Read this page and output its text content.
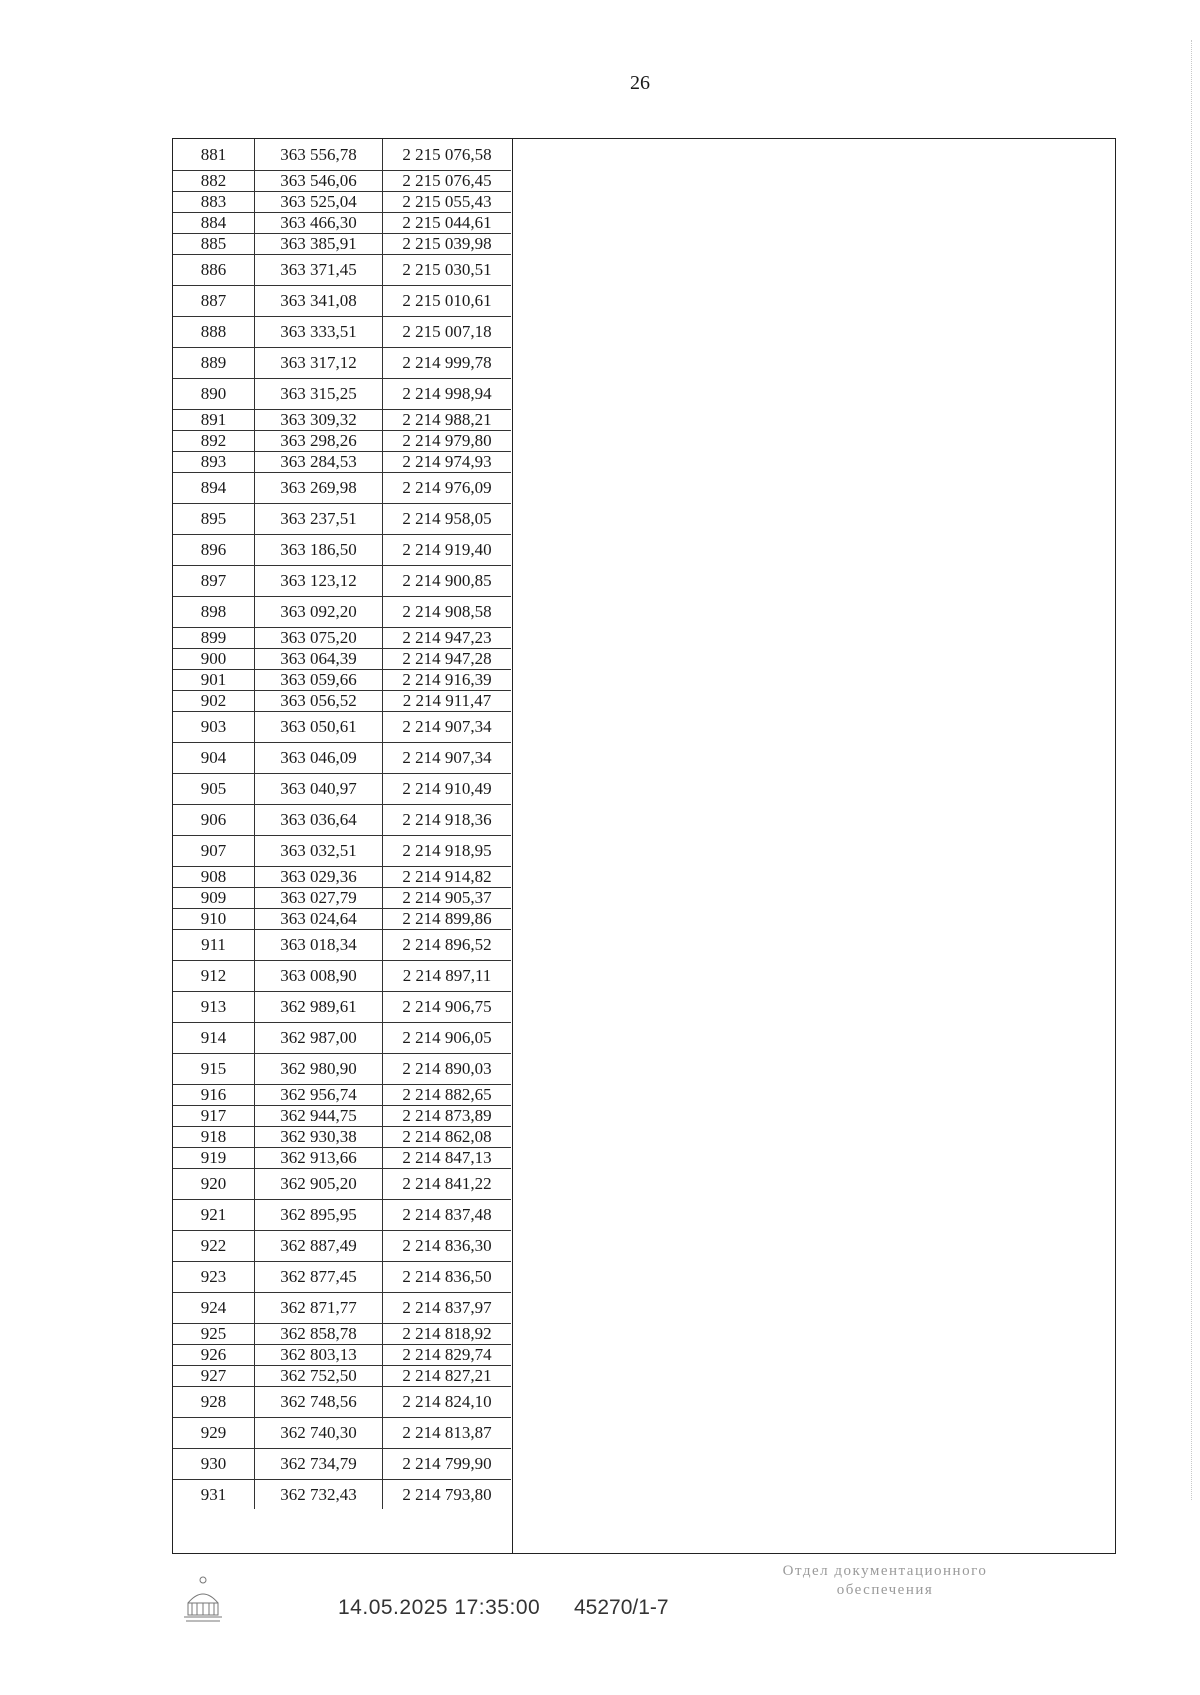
26
881	363 556,78	2 215 076,58
882	363 546,06	2 215 076,45
883	363 525,04	2 215 055,43
884	363 466,30	2 215 044,61
885	363 385,91	2 215 039,98
886	363 371,45	2 215 030,51
887	363 341,08	2 215 010,61
888	363 333,51	2 215 007,18
889	363 317,12	2 214 999,78
890	363 315,25	2 214 998,94
891	363 309,32	2 214 988,21
892	363 298,26	2 214 979,80
893	363 284,53	2 214 974,93
894	363 269,98	2 214 976,09
895	363 237,51	2 214 958,05
896	363 186,50	2 214 919,40
897	363 123,12	2 214 900,85
898	363 092,20	2 214 908,58
899	363 075,20	2 214 947,23
900	363 064,39	2 214 947,28
901	363 059,66	2 214 916,39
902	363 056,52	2 214 911,47
903	363 050,61	2 214 907,34
904	363 046,09	2 214 907,34
905	363 040,97	2 214 910,49
906	363 036,64	2 214 918,36
907	363 032,51	2 214 918,95
908	363 029,36	2 214 914,82
909	363 027,79	2 214 905,37
910	363 024,64	2 214 899,86
911	363 018,34	2 214 896,52
912	363 008,90	2 214 897,11
913	362 989,61	2 214 906,75
914	362 987,00	2 214 906,05
915	362 980,90	2 214 890,03
916	362 956,74	2 214 882,65
917	362 944,75	2 214 873,89
918	362 930,38	2 214 862,08
919	362 913,66	2 214 847,13
920	362 905,20	2 214 841,22
921	362 895,95	2 214 837,48
922	362 887,49	2 214 836,30
923	362 877,45	2 214 836,50
924	362 871,77	2 214 837,97
925	362 858,78	2 214 818,92
926	362 803,13	2 214 829,74
927	362 752,50	2 214 827,21
928	362 748,56	2 214 824,10
929	362 740,30	2 214 813,87
930	362 734,79	2 214 799,90
931	362 732,43	2 214 793,80
14.05.2025 17:35:00 45270/1-7
Отдел документационного
обеспечения
